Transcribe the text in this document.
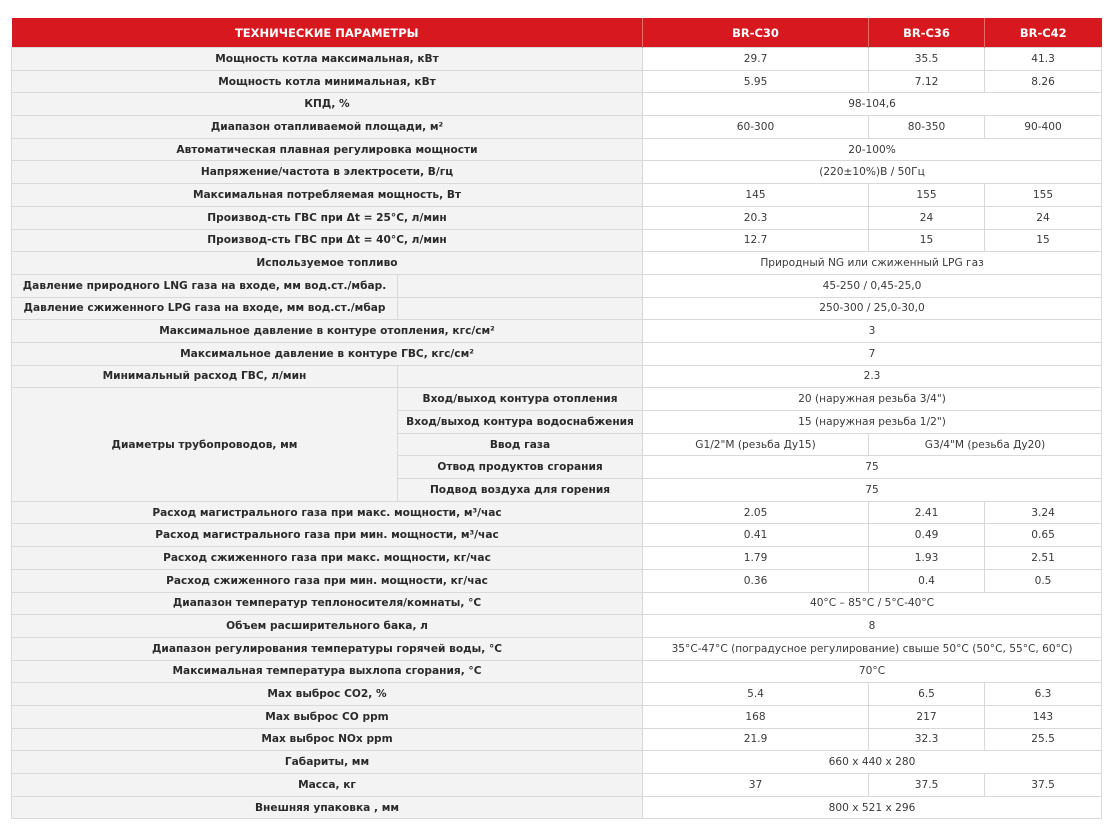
ТЕХНИЧЕСКИЕ ПАРАМЕТРЫ		BR-C30	BR-C36	BR-C42
Мощность котла максимальная, кВт		29.7	35.5	41.3
Мощность котла минимальная, кВт		5.95	7.12	8.26
КПД, %		98-104,6		
Диапазон отапливаемой площади, м²		60-300	80-350	90-400
Автоматическая плавная регулировка мощности		20-100%		
Напряжение/частота в электросети, В/гц		(220±10%)В / 50Гц		
Максимальная потребляемая мощность, Вт		145	155	155
Производ-сть ГВС при Δt = 25°С, л/мин		20.3	24	24
Производ-сть ГВС при Δt = 40°С, л/мин		12.7	15	15
Используемое топливо		Природный NG или сжиженный LPG газ		
Давление природного LNG газа на входе, мм вод.ст./мбар.		45-250 / 0,45-25,0		
Давление сжиженного LPG газа на входе, мм вод.ст./мбар		250-300 / 25,0-30,0		
Максимальное давление в контуре отопления, кгс/см²		3		
Максимальное давление в контуре ГВС, кгс/см²		7		
Минимальный расход ГВС, л/мин		2.3		
Диаметры трубопроводов, мм	Вход/выход контура отопления	20 (наружная резьба 3/4")		
	Вход/выход контура водоснабжения	15 (наружная резьба 1/2")		
	Ввод газа	G1/2"M (резьба Ду15)	G3/4"M (резьба Ду20)	
	Отвод продуктов сгорания	75		
	Подвод воздуха для горения	75		
Расход магистрального газа при макс. мощности, м³/час		2.05	2.41	3.24
Расход магистрального газа при мин. мощности, м³/час		0.41	0.49	0.65
Расход сжиженного газа при макс. мощности, кг/час		1.79	1.93	2.51
Расход сжиженного газа при мин. мощности, кг/час		0.36	0.4	0.5
Диапазон температур теплоносителя/комнаты, °С		40°С – 85°С / 5°С-40°С		
Объем расширительного бака, л		8		
Диапазон регулирования температуры горячей воды, °С		35°С-47°С (поградусное регулирование) свыше 50°С (50°С, 55°С, 60°С)		
Максимальная температура выхлопа сгорания, °С		70°С		
Max выброс CO2, %		5.4	6.5	6.3
Max выброс CO ppm		168	217	143
Max выброс NOx ppm		21.9	32.3	25.5
Габариты, мм		660 x 440 x 280		
Масса, кг		37	37.5	37.5
Внешняя упаковка , мм		800 x 521 x 296		
